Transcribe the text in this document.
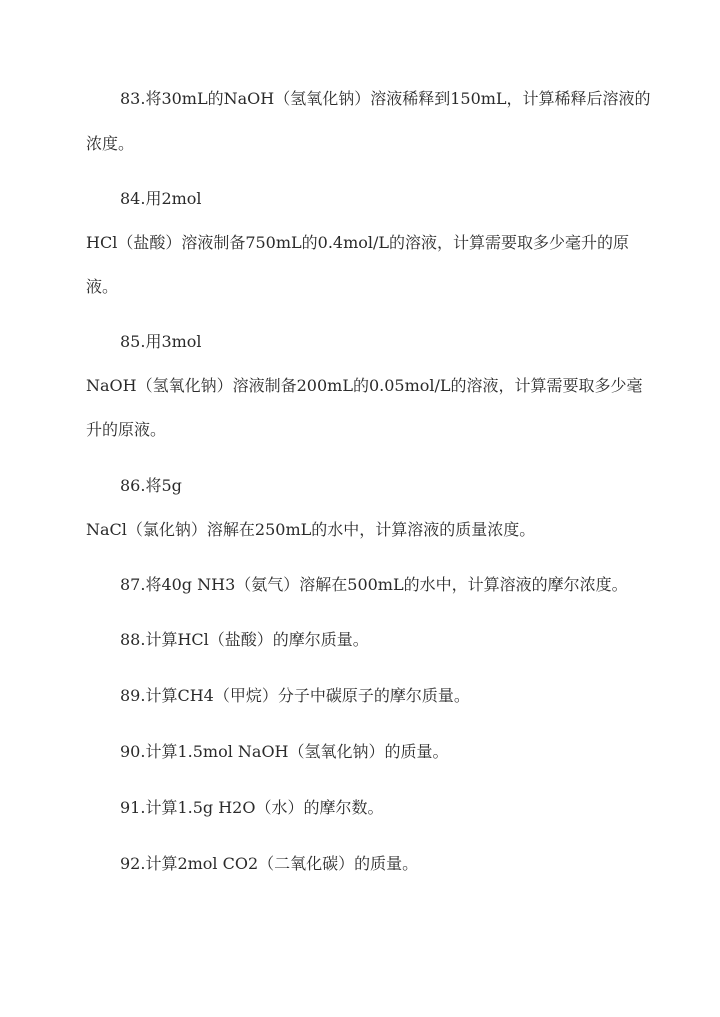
83.将30mL的NaOH（氢氧化钠）溶液稀释到150mL，计算稀释后溶液的
浓度。
84.用2mol
HCl（盐酸）溶液制备750mL的0.4mol/L的溶液，计算需要取多少毫升的原
液。
85.用3mol
NaOH（氢氧化钠）溶液制备200mL的0.05mol/L的溶液，计算需要取多少毫
升的原液。
86.将5g
NaCl（氯化钠）溶解在250mL的水中，计算溶液的质量浓度。
87.将40g NH3（氨气）溶解在500mL的水中，计算溶液的摩尔浓度。
88.计算HCl（盐酸）的摩尔质量。
89.计算CH4（甲烷）分子中碳原子的摩尔质量。
90.计算1.5mol NaOH（氢氧化钠）的质量。
91.计算1.5g H2O（水）的摩尔数。
92.计算2mol CO2（二氧化碳）的质量。
